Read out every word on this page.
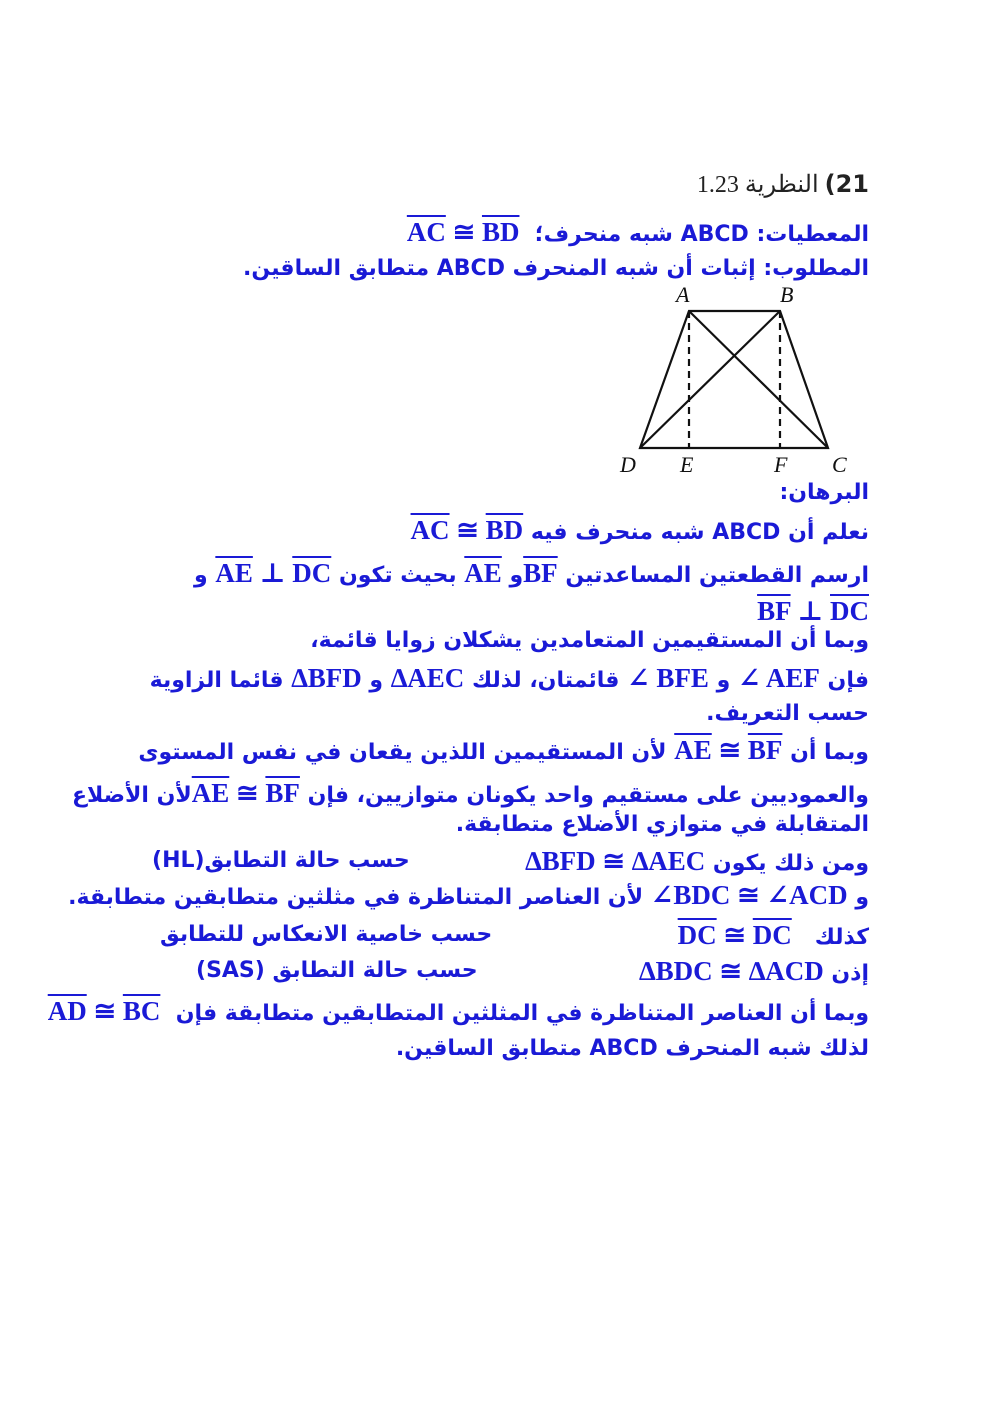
21) النظرية 1.23
المعطيات: ABCD شبه منحرف؛  $\overline{AC}$ ≅ $\overline{BD}$
المطلوب: إثبات أن شبه المنحرف ABCD متطابق الساقين.
A	B
C
D E	F
البرهان:
نعلم أن ABCD شبه منحرف فيه $\overline{AC}$ ≅ $\overline{BD}$
ارسم القطعتين المساعدتين $\overline{BF}و$ $\overline{AE}$ بحيث تكون $\overline{AE}$ ⊥ $\overline{DC}$ و
$\overline{BF}$ ⊥ $\overline{DC}$
وبما أن المستقيمين المتعامدين يشكلان زوايا قائمة،
فإن ∠ AEF و ∠ BFE قائمتان، لذلك ∆AEC و ∆BFD قائما الزاوية
حسب التعريف.
وبما أن $\overline{AE}$ ≅ $\overline{BF}$ لأن المستقيمين اللذين يقعان في نفس المستوى
والعموديين على مستقيم واحد يكونان متوازيين، فإن $\overline{AE}$ ≅ $\overline{BF}لأن$ الأضلاع
المتقابلة في متوازي الأضلاع متطابقة.
ومن ذلك يكون ∆BFD ≅ ∆AEC
حسب حالة التطابق(HL)
و ∠BDC ≅ ∠ACD لأن العناصر المتناظرة في مثلثين متطابقين متطابقة.
كذلك   $\overline{DC}$ ≅ $\overline{DC}$
حسب خاصية الانعكاس للتطابق
إذن ∆BDC ≅ ∆ACD
حسب حالة التطابق (SAS)
وبما أن العناصر المتناظرة في المثلثين المتطابقين متطابقة فإن  $\overline{AD}$ ≅ $\overline{BC}$
لذلك شبه المنحرف ABCD متطابق الساقين.
